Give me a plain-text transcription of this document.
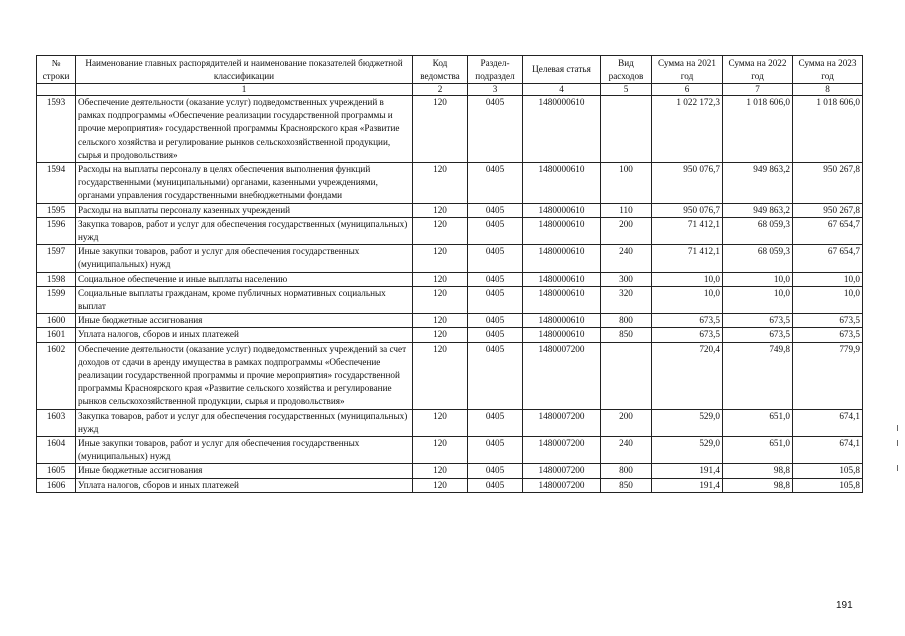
№ строки	Наименование главных распорядителей и наименование показателей бюджетной классификации	Код ведомства	Раздел-подраздел	Целевая статья	Вид расходов	Сумма на 2021 год	Сумма на 2022 год	Сумма на 2023 год
	1	2	3	4	5	6	7	8
1593	Обеспечение деятельности (оказание услуг) подведомственных учреждений в рамках подпрограммы «Обеспечение реализации государственной программы и прочие мероприятия» государственной программы Красноярского края «Развитие сельского хозяйства и регулирование рынков сельскохозяйственной продукции, сырья и продовольствия»	120	0405	1480000610		1 022 172,3	1 018 606,0	1 018 606,0
1594	Расходы на выплаты персоналу в целях обеспечения выполнения функций государственными (муниципальными) органами, казенными учреждениями, органами управления государственными внебюджетными фондами	120	0405	1480000610	100	950 076,7	949 863,2	950 267,8
1595	Расходы на выплаты персоналу казенных учреждений	120	0405	1480000610	110	950 076,7	949 863,2	950 267,8
1596	Закупка товаров, работ и услуг для обеспечения государственных (муниципальных) нужд	120	0405	1480000610	200	71 412,1	68 059,3	67 654,7
1597	Иные закупки товаров, работ и услуг для обеспечения государственных (муниципальных) нужд	120	0405	1480000610	240	71 412,1	68 059,3	67 654,7
1598	Социальное обеспечение и иные выплаты населению	120	0405	1480000610	300	10,0	10,0	10,0
1599	Социальные выплаты гражданам, кроме публичных нормативных социальных выплат	120	0405	1480000610	320	10,0	10,0	10,0
1600	Иные бюджетные ассигнования	120	0405	1480000610	800	673,5	673,5	673,5
1601	Уплата налогов, сборов и иных платежей	120	0405	1480000610	850	673,5	673,5	673,5
1602	Обеспечение деятельности (оказание услуг) подведомственных учреждений за счет доходов от сдачи в аренду имущества в рамках подпрограммы «Обеспечение реализации государственной программы и прочие мероприятия» государственной программы Красноярского края «Развитие сельского хозяйства и регулирование рынков сельскохозяйственной продукции, сырья и продовольствия»	120	0405	1480007200		720,4	749,8	779,9
1603	Закупка товаров, работ и услуг для обеспечения государственных (муниципальных) нужд	120	0405	1480007200	200	529,0	651,0	674,1
1604	Иные закупки товаров, работ и услуг для обеспечения государственных (муниципальных) нужд	120	0405	1480007200	240	529,0	651,0	674,1
1605	Иные бюджетные ассигнования	120	0405	1480007200	800	191,4	98,8	105,8
1606	Уплата налогов, сборов и иных платежей	120	0405	1480007200	850	191,4	98,8	105,8
191
